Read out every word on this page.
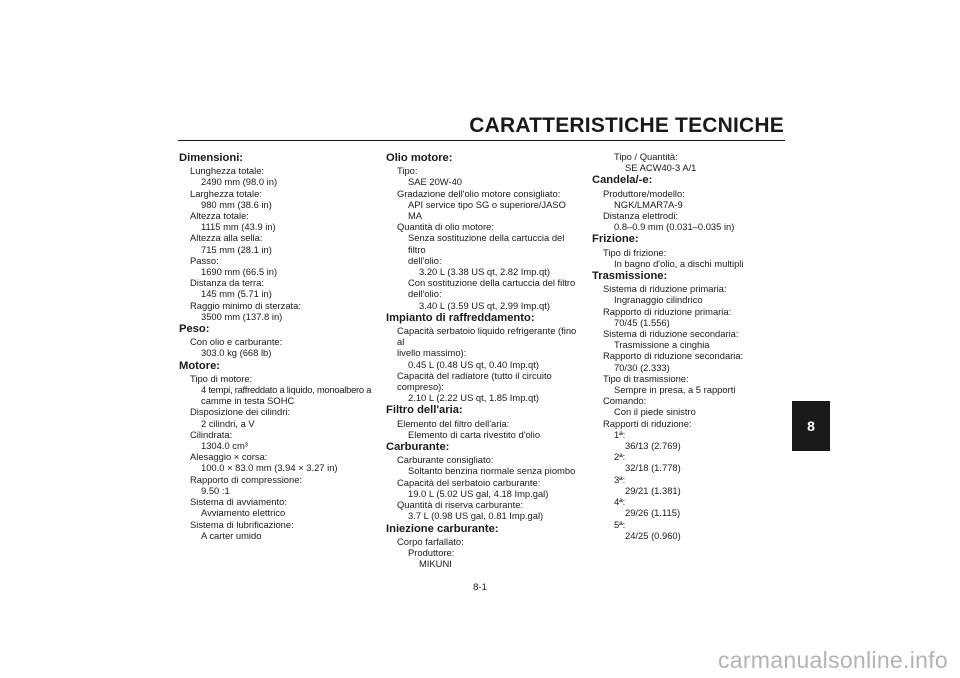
CARATTERISTICHE TECNICHE
8
Dimensioni:
Lunghezza totale:
2490 mm (98.0 in)
Larghezza totale:
980 mm (38.6 in)
Altezza totale:
1115 mm (43.9 in)
Altezza alla sella:
715 mm (28.1 in)
Passo:
1690 mm (66.5 in)
Distanza da terra:
145 mm (5.71 in)
Raggio minimo di sterzata:
3500 mm (137.8 in)
Peso:
Con olio e carburante:
303.0 kg (668 lb)
Motore:
Tipo di motore:
4 tempi, raffreddato a liquido, monoalbero a
camme in testa SOHC
Disposizione dei cilindri:
2 cilindri, a V
Cilindrata:
1304.0 cm³
Alesaggio × corsa:
100.0 × 83.0 mm (3.94 × 3.27 in)
Rapporto di compressione:
9.50 :1
Sistema di avviamento:
Avviamento elettrico
Sistema di lubrificazione:
A carter umido
Olio motore:
Tipo:
SAE 20W-40
Gradazione dell'olio motore consigliato:
API service tipo SG o superiore/JASO MA
Quantità di olio motore:
Senza sostituzione della cartuccia del filtro
dell'olio:
3.20 L (3.38 US qt, 2.82 Imp.qt)
Con sostituzione della cartuccia del filtro
dell'olio:
3.40 L (3.59 US qt, 2.99 Imp.qt)
Impianto di raffreddamento:
Capacità serbatoio liquido refrigerante (fino al
livello massimo):
0.45 L (0.48 US qt, 0.40 Imp.qt)
Capacità del radiatore (tutto il circuito
compreso):
2.10 L (2.22 US qt, 1.85 Imp.qt)
Filtro dell'aria:
Elemento del filtro dell'aria:
Elemento di carta rivestito d'olio
Carburante:
Carburante consigliato:
Soltanto benzina normale senza piombo
Capacità del serbatoio carburante:
19.0 L (5.02 US gal, 4.18 Imp.gal)
Quantità di riserva carburante:
3.7 L (0.98 US gal, 0.81 Imp.gal)
Iniezione carburante:
Corpo farfallato:
Produttore:
MIKUNI
Tipo / Quantità:
SE ACW40-3 A/1
Candela/-e:
Produttore/modello:
NGK/LMAR7A-9
Distanza elettrodi:
0.8–0.9 mm (0.031–0.035 in)
Frizione:
Tipo di frizione:
In bagno d'olio, a dischi multipli
Trasmissione:
Sistema di riduzione primaria:
Ingranaggio cilindrico
Rapporto di riduzione primaria:
70/45 (1.556)
Sistema di riduzione secondaria:
Trasmissione a cinghia
Rapporto di riduzione secondaria:
70/30 (2.333)
Tipo di trasmissione:
Sempre in presa, a 5 rapporti
Comando:
Con il piede sinistro
Rapporti di riduzione:
1ª:
36/13 (2.769)
2ª:
32/18 (1.778)
3ª:
29/21 (1.381)
4ª:
29/26 (1.115)
5ª:
24/25 (0.960)
8-1
carmanualsonline.info
